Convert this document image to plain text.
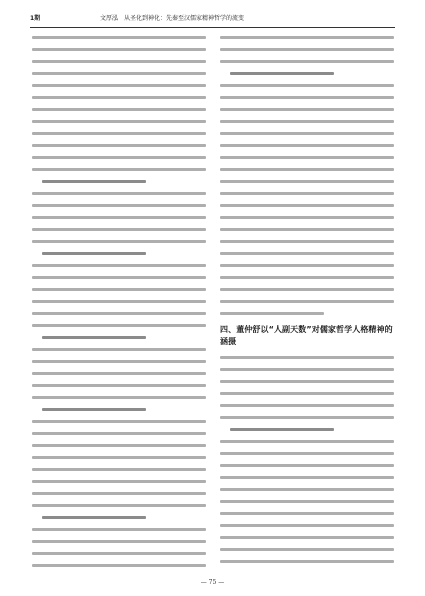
1期	文厚泓　从圣化到神化：先秦至汉儒家精神哲学的流变
四、董仲舒以“人副天数”对儒家哲学人格精神的涵摄
— 75 —
